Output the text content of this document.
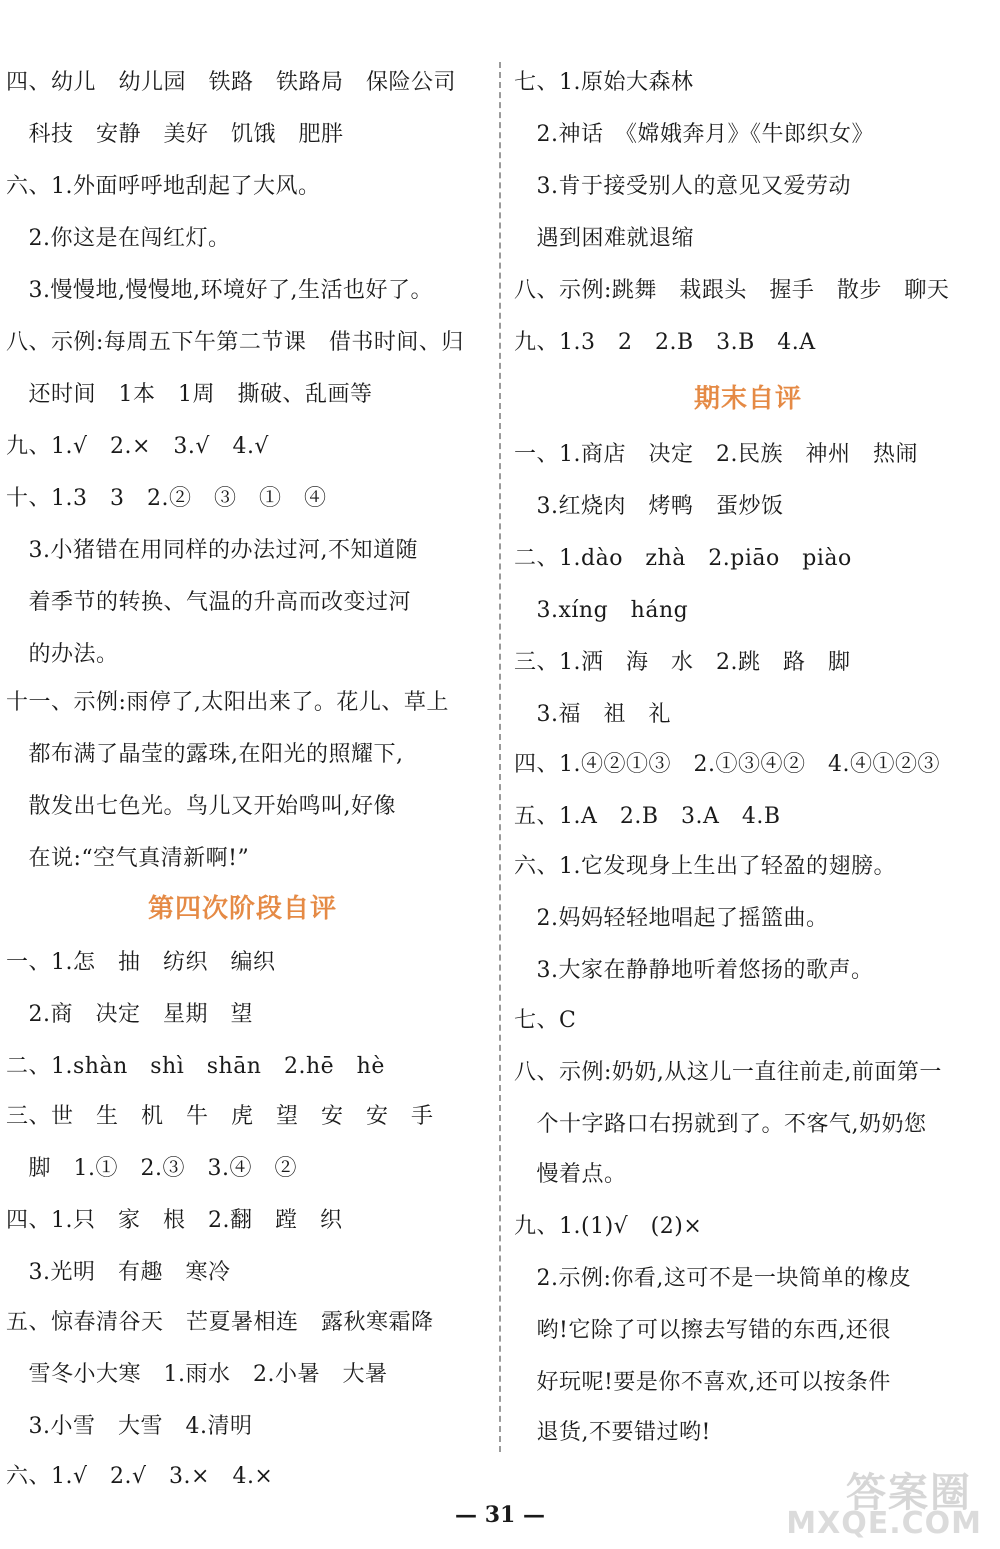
四、幼儿　幼儿园　铁路　铁路局　保险公司
　科技　安静　美好　饥饿　肥胖
六、1.外面呼呼地刮起了大风。
　2.你这是在闯红灯。
　3.慢慢地,慢慢地,环境好了,生活也好了。
八、示例:每周五下午第二节课　借书时间、归
　还时间　1本　1周　撕破、乱画等
九、1.√　2.×　3.√　4.√
十、1.3　3　2.②　③　①　④
　3.小猪错在用同样的办法过河,不知道随
　着季节的转换、气温的升高而改变过河
　的办法。
十一、示例:雨停了,太阳出来了。花儿、草上
　都布满了晶莹的露珠,在阳光的照耀下,
　散发出七色光。鸟儿又开始鸣叫,好像
　在说:“空气真清新啊!”
第四次阶段自评
一、1.怎　抽　纺织　编织
　2.商　决定　星期　望
二、1.shàn　shì　shān　2.hē　hè
三、世　生　机　牛　虎　望　安　安　手
　脚　1.①　2.③　3.④　②
四、1.只　家　根　2.翻　蹚　织
　3.光明　有趣　寒冷
五、惊春清谷天　芒夏暑相连　露秋寒霜降
　雪冬小大寒　1.雨水　2.小暑　大暑
　3.小雪　大雪　4.清明
六、1.√　2.√　3.×　4.×
七、1.原始大森林
　2.神话　《嫦娥奔月》《牛郎织女》
　3.肯于接受别人的意见又爱劳动
　遇到困难就退缩
八、示例:跳舞　栽跟头　握手　散步　聊天
九、1.3　2　2.B　3.B　4.A
期末自评
一、1.商店　决定　2.民族　神州　热闹
　3.红烧肉　烤鸭　蛋炒饭
二、1.dào　zhà　2.piāo　piào
　3.xíng　háng
三、1.洒　海　水　2.跳　路　脚
　3.福　祖　礼
四、1.④②①③　2.①③④②　4.④①②③
五、1.A　2.B　3.A　4.B
六、1.它发现身上生出了轻盈的翅膀。
　2.妈妈轻轻地唱起了摇篮曲。
　3.大家在静静地听着悠扬的歌声。
七、C
八、示例:奶奶,从这儿一直往前走,前面第一
　个十字路口右拐就到了。不客气,奶奶您
　慢着点。
九、1.(1)√　(2)×
　2.示例:你看,这可不是一块简单的橡皮
　哟!它除了可以擦去写错的东西,还很
　好玩呢!要是你不喜欢,还可以按条件
　退货,不要错过哟!
— 31 —	答案圈
MXQE.COM
